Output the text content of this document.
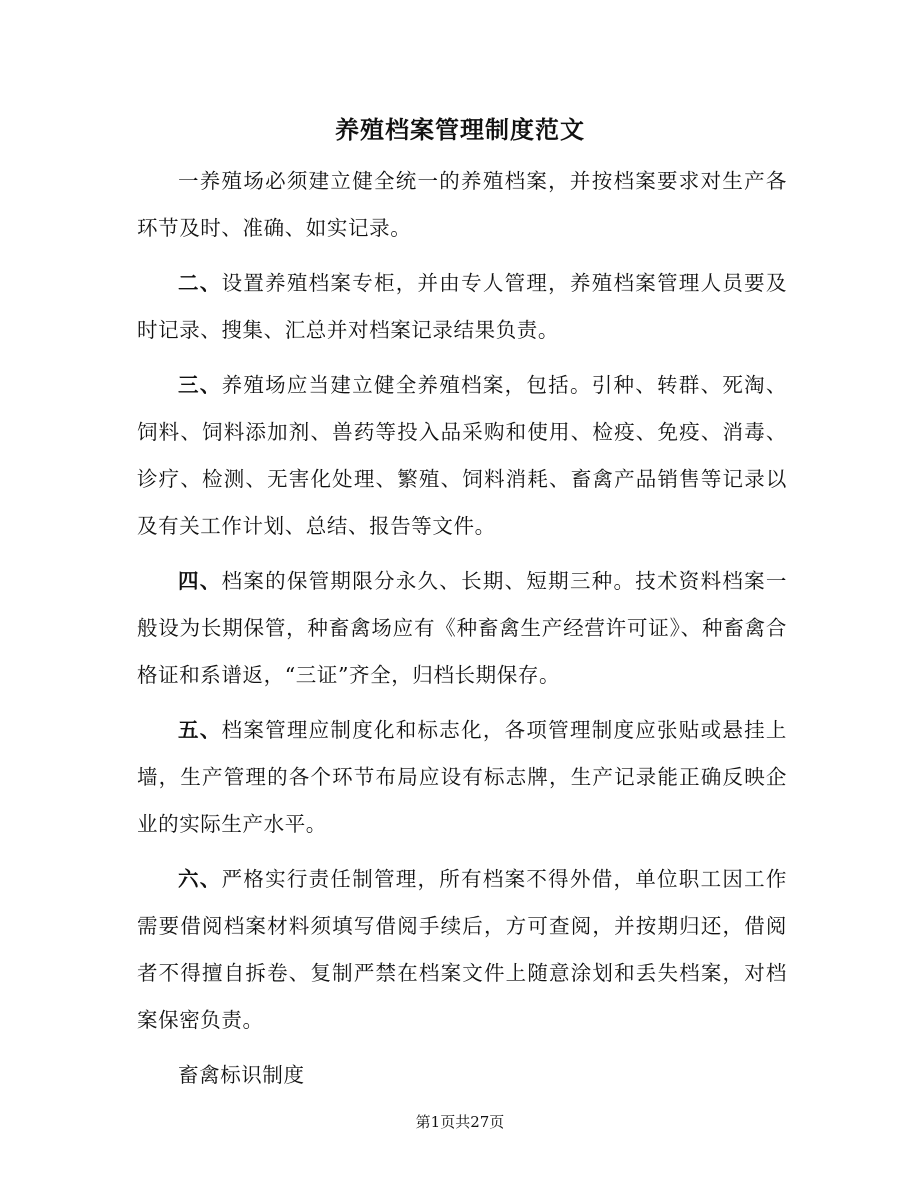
养殖档案管理制度范文

一养殖场必须建立健全统一的养殖档案，并按档案要求对生产各环节及时、准确、如实记录。

二、设置养殖档案专柜，并由专人管理，养殖档案管理人员要及时记录、搜集、汇总并对档案记录结果负责。

三、养殖场应当建立健全养殖档案，包括。引种、转群、死淘、饲料、饲料添加剂、兽药等投入品采购和使用、检疫、免疫、消毒、诊疗、检测、无害化处理、繁殖、饲料消耗、畜禽产品销售等记录以及有关工作计划、总结、报告等文件。

四、档案的保管期限分永久、长期、短期三种。技术资料档案一般设为长期保管，种畜禽场应有《种畜禽生产经营许可证》、种畜禽合格证和系谱返，“三证”齐全，归档长期保存。

五、档案管理应制度化和标志化，各项管理制度应张贴或悬挂上墙，生产管理的各个环节布局应设有标志牌，生产记录能正确反映企业的实际生产水平。

六、严格实行责任制管理，所有档案不得外借，单位职工因工作需要借阅档案材料须填写借阅手续后，方可查阅，并按期归还，借阅者不得擅自拆卷、复制严禁在档案文件上随意涂划和丢失档案，对档案保密负责。

畜禽标识制度

第1页共27页
